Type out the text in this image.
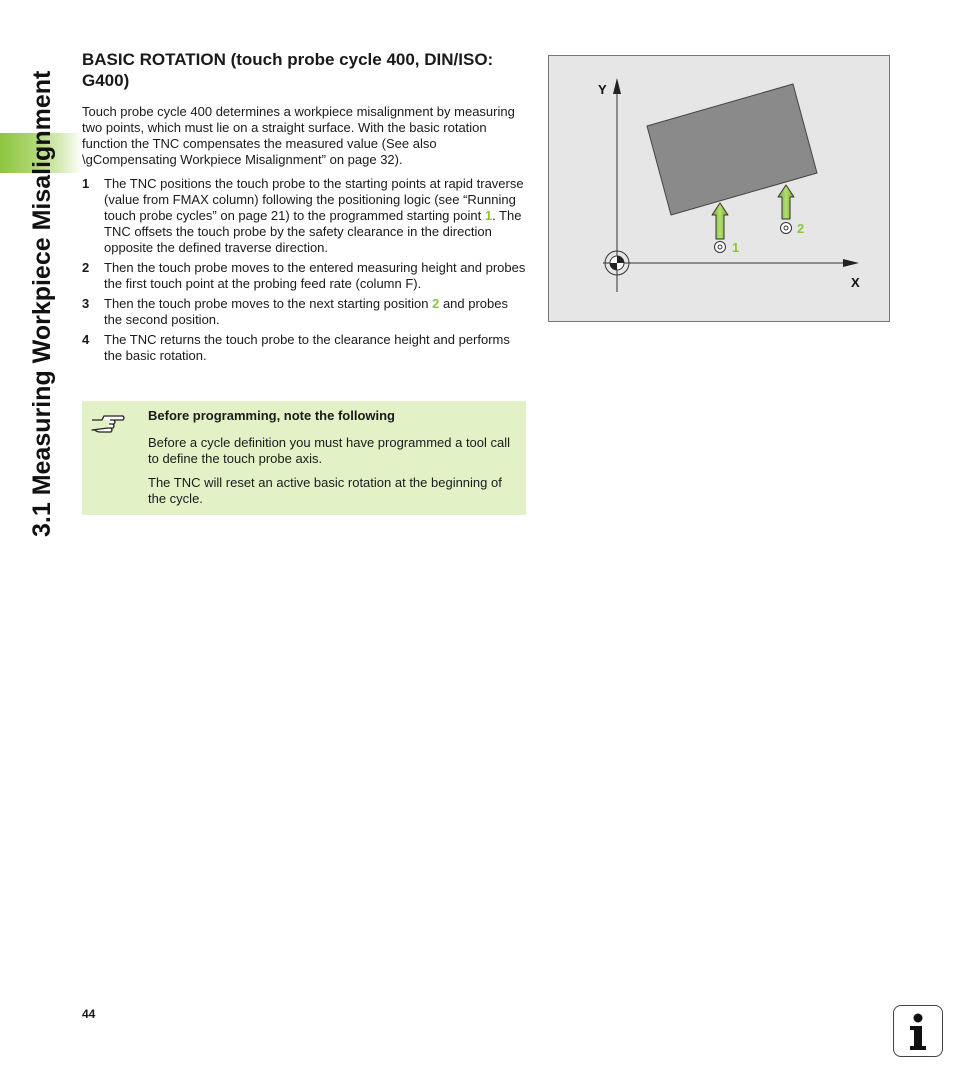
3.1 Measuring Workpiece Misalignment
BASIC ROTATION (touch probe cycle 400, DIN/ISO: G400)

Touch probe cycle 400 determines a workpiece misalignment by measuring two points, which must lie on a straight surface. With the basic rotation function the TNC compensates the measured value (See also \gCompensating Workpiece Misalignment” on page 32).

1 The TNC positions the touch probe to the starting points at rapid traverse (value from FMAX column) following the positioning logic (see “Running touch probe cycles” on page 21) to the programmed starting point 1. The TNC offsets the touch probe by the safety clearance in the direction opposite the defined traverse direction.
2 Then the touch probe moves to the entered measuring height and probes the first touch point at the probing feed rate (column F).
3 Then the touch probe moves to the next starting position 2 and probes the second position.
4 The TNC returns the touch probe to the clearance height and performs the basic rotation.

Before programming, note the following

Before a cycle definition you must have programmed a tool call to define the touch probe axis.

The TNC will reset an active basic rotation at the beginning of the cycle.

Y
X
1
2
44
